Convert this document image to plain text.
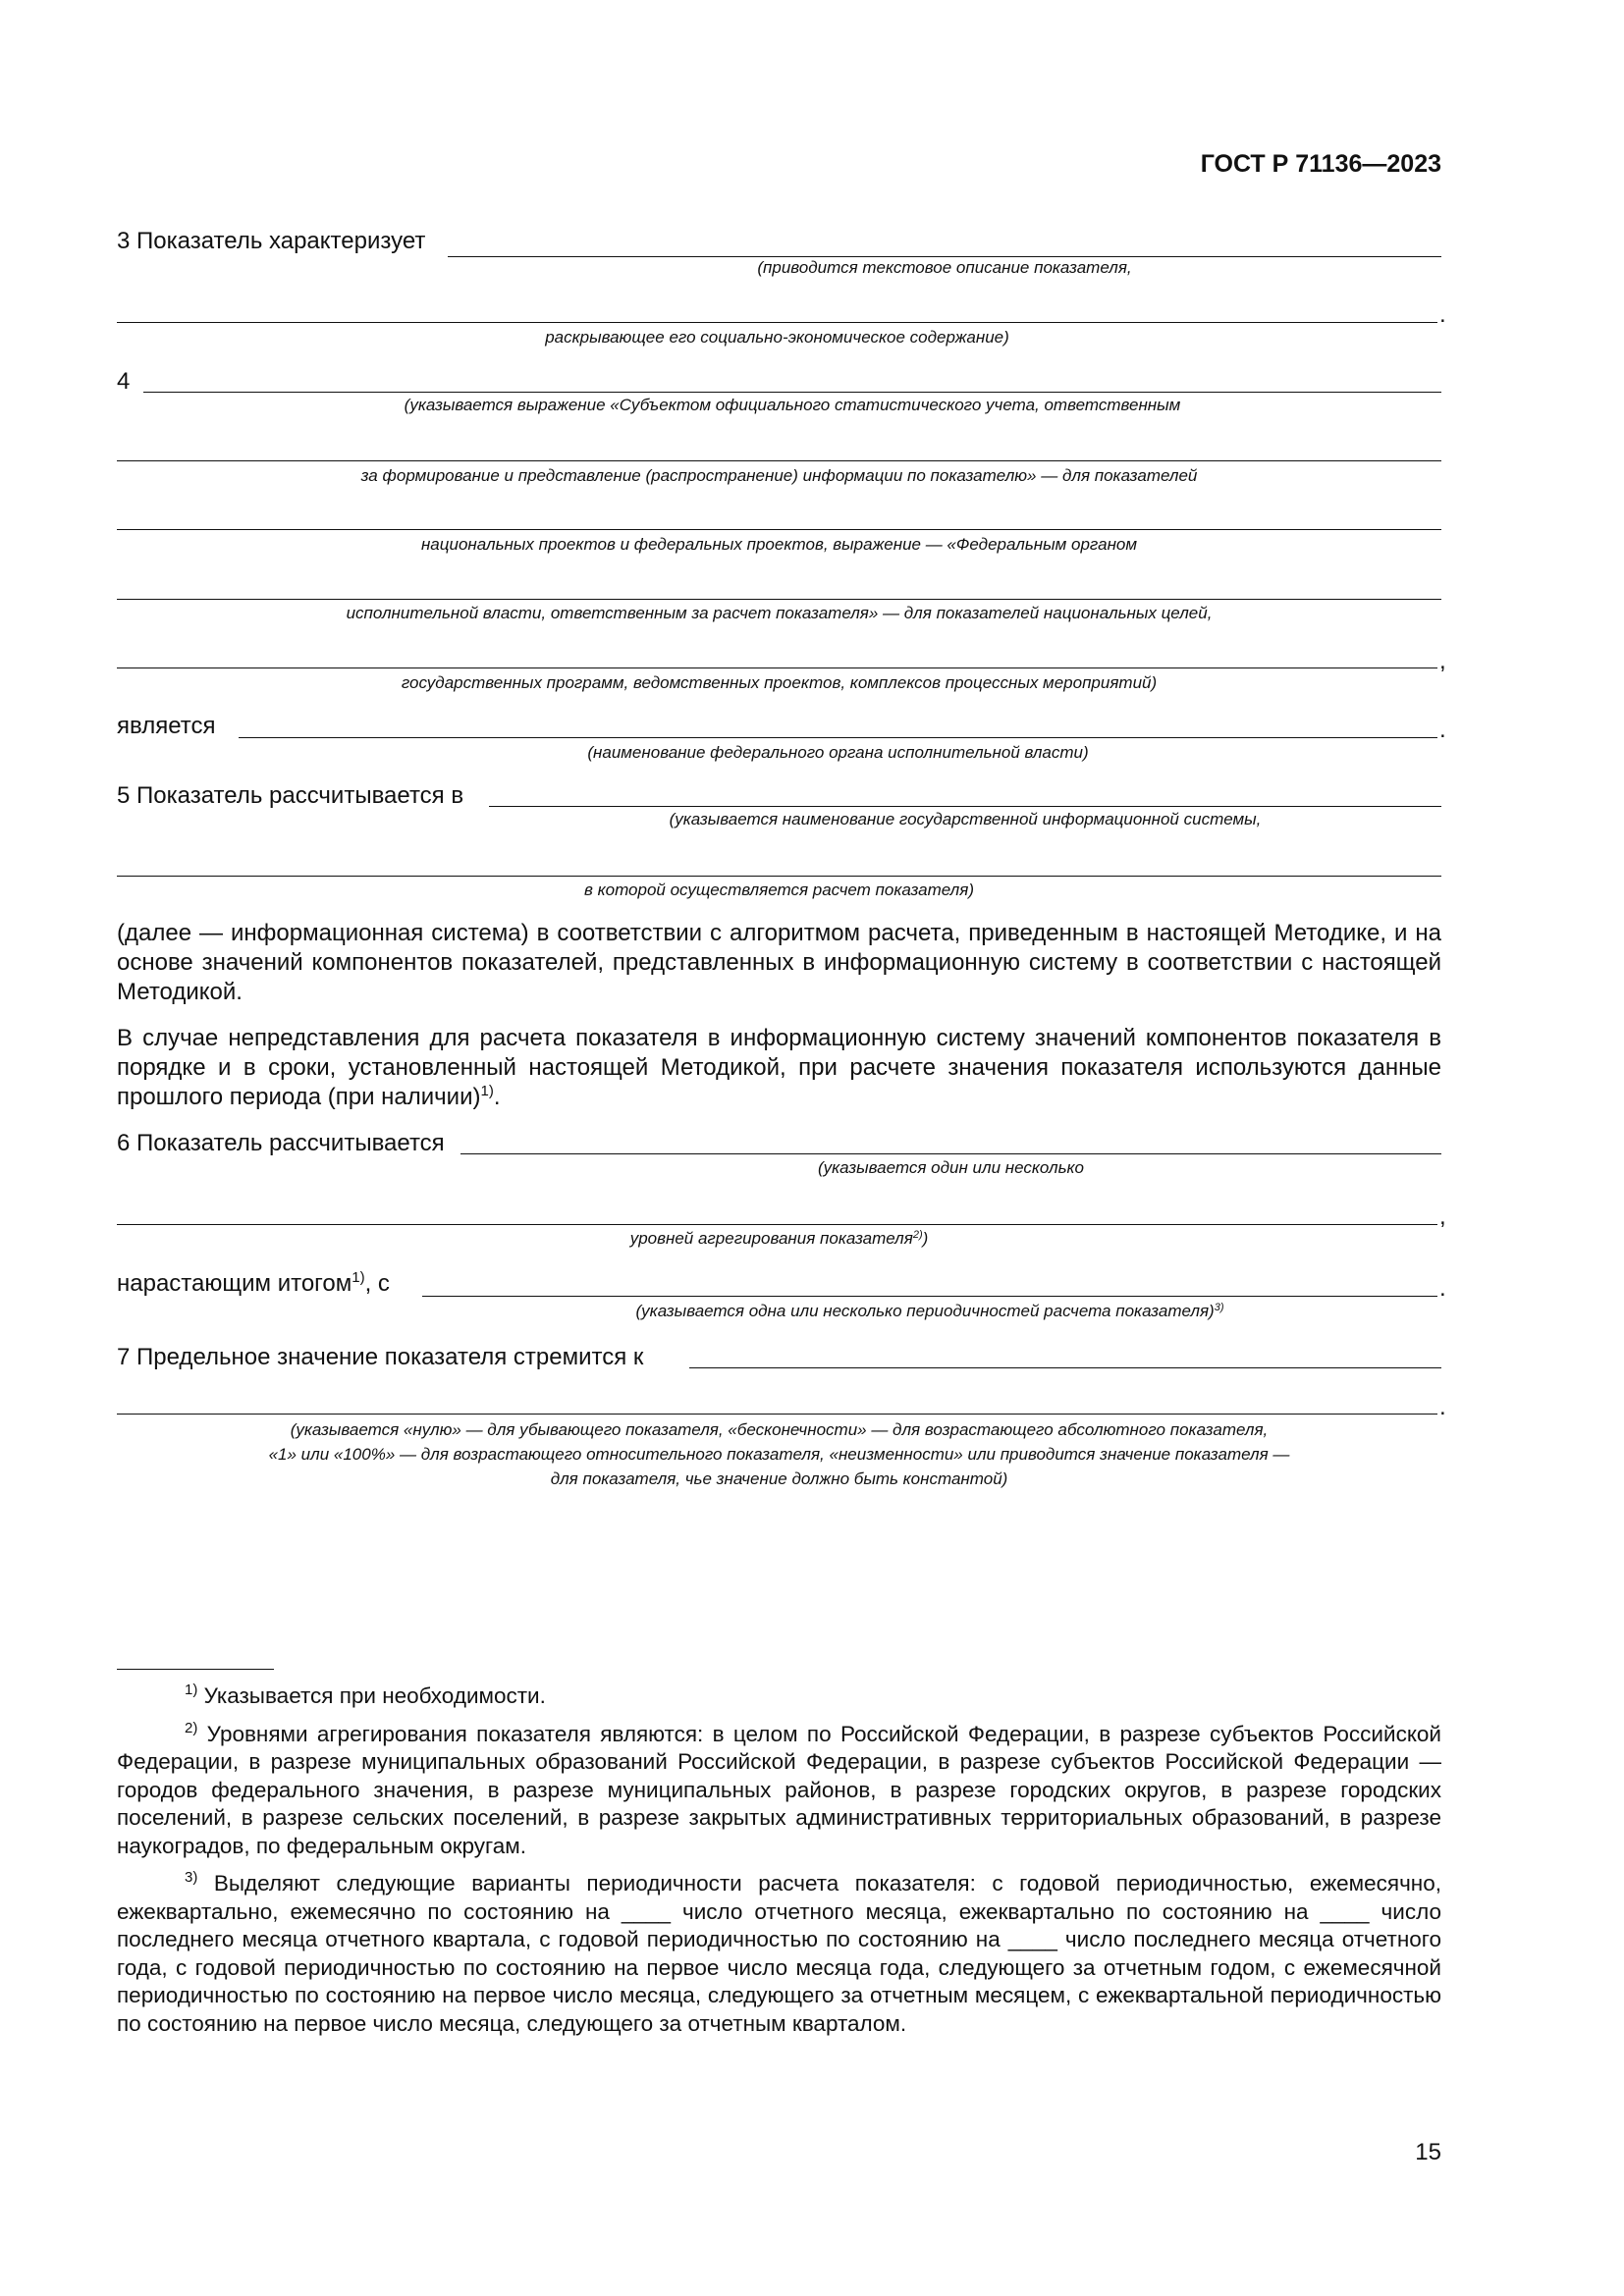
ГОСТ Р 71136—2023
3 Показатель характеризует
(приводится текстовое описание показателя,
.
раскрывающее его социально-экономическое содержание)
4
(указывается выражение «Субъектом официального статистического учета, ответственным
за формирование и представление (распространение) информации по показателю» — для показателей
национальных проектов и федеральных проектов, выражение — «Федеральным органом
исполнительной власти, ответственным за расчет показателя» — для показателей национальных целей,
,
государственных программ, ведомственных проектов, комплексов процессных мероприятий)
является	.
(наименование федерального органа исполнительной власти)
5 Показатель рассчитывается в
(указывается наименование государственной информационной системы,
в которой осуществляется расчет показателя)

(далее — информационная система) в соответствии с алгоритмом расчета, приведенным в настоящей Методике, и на основе значений компонентов показателей, представленных в информационную систему в соответствии с настоящей Методикой.

В случае непредставления для расчета показателя в информационную систему значений компонентов показателя в порядке и в сроки, установленный настоящей Методикой, при расчете значения показателя используются данные прошлого периода (при наличии)$^{1)}$.

6 Показатель рассчитывается
(указывается один или несколько
,
уровней агрегирования показателя$^{2)}$)
нарастающим итогом$^{1)}$, с	.
(указывается одна или несколько периодичностей расчета показателя)$^{3)}$
7 Предельное значение показателя стремится к
.
(указывается «нулю» — для убывающего показателя, «бесконечности» — для возрастающего абсолютного показателя,
«1» или «100%» — для возрастающего относительного показателя, «неизменности» или приводится значение показателя —
для показателя, чье значение должно быть константой)

$^{1)}$ Указывается при необходимости.

$^{2)}$ Уровнями агрегирования показателя являются: в целом по Российской Федерации, в разрезе субъектов Российской Федерации, в разрезе муниципальных образований Российской Федерации, в разрезе субъектов Российской Федерации — городов федерального значения, в разрезе муниципальных районов, в разрезе городских округов, в разрезе городских поселений, в разрезе сельских поселений, в разрезе закрытых административных территориальных образований, в разрезе наукоградов, по федеральным округам.

$^{3)}$ Выделяют следующие варианты периодичности расчета показателя: с годовой периодичностью, ежемесячно, ежеквартально, ежемесячно по состоянию на ____ число отчетного месяца, ежеквартально по состоянию на ____ число последнего месяца отчетного квартала, с годовой периодичностью по состоянию на ____ число последнего месяца отчетного года, с годовой периодичностью по состоянию на первое число месяца года, следующего за отчетным годом, с ежемесячной периодичностью по состоянию на первое число месяца, следующего за отчетным месяцем, с ежеквартальной периодичностью по состоянию на первое число месяца, следующего за отчетным кварталом.

15
